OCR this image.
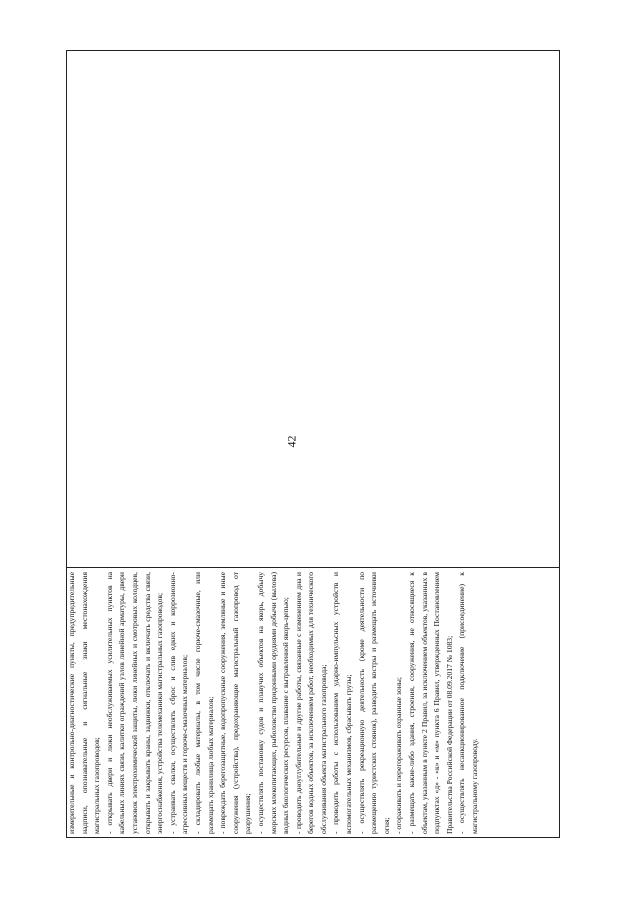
42

измерительные и контрольно-диагностические пункты, предупредительные надписи, опознавательные и сигнальные знаки местонахождения магистральных газопроводов; - открывать двери и люки необслуживаемых усилительных пунктов на кабельных линиях связи, калитки ограждений узлов линейной арматуры, двери установок электрохимической защиты, люки линейных и смотровых колодцев, открывать и закрывать краны, задвижки, отключать и включать средства связи, энергоснабжения, устройства телемеханики магистральных газопроводов; - устраивать свалки, осуществлять сброс и слив едких и коррозионно-агрессивных веществ и горюче-смазочных материалов; - складировать любые материалы, в том числе горюче-смазочные, или размещать хранилища любых материалов; - повреждать берегозащитные, водопропускные сооружения, земляные и иные сооружения (устройства), предохраняющие магистральный газопровод от разрушения; - осуществлять постановку судов и плавучих объектов на якорь, добычу морских млекопитающих, рыболовство придонными орудиями добычи (вылова) водных биологических ресурсов, плавание с вытравленной якорь-цепью; - проводить дноуглубительные и другие работы, связанные с изменением дна и берегов водных объектов, за исключением работ, необходимых для технического обслуживания объекта магистрального газопровода; - проводить работы с использованием ударно-импульсных устройств и вспомогательных механизмов, сбрасывать грузы; - осуществлять рекреационную деятельность (кроме деятельности по размещению туристских стоянок), разводить костры и размещать источники огня; - огораживать и перегораживать охранные зоны; - размещать какие-либо здания, строения, сооружения, не относящиеся к объектам, указанным в пункте 2 Правил, за исключением объектов, указанных в подпунктах «д» - «к» и «м» пункта 6 Правил, утвержденных Постановлением Правительства Российской Федерации от 08.09.2017 № 1083; - осуществлять несанкционированное подключение (присоединение) к магистральному газопроводу.
